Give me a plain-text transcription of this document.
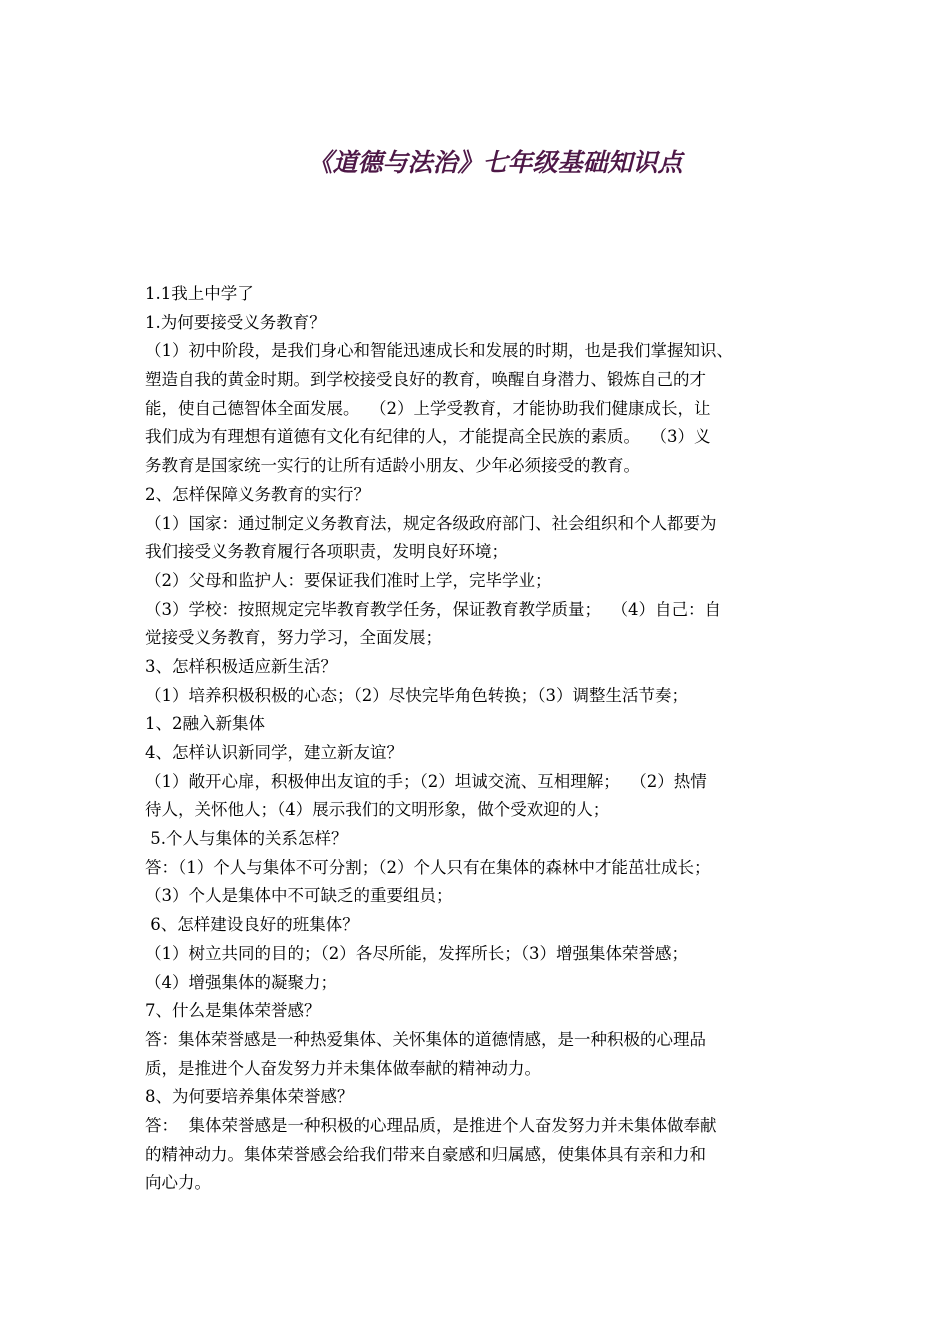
《道德与法治》七年级基础知识点
1.1我上中学了
1.为何要接受义务教育？
（1）初中阶段，是我们身心和智能迅速成长和发展的时期，也是我们掌握知识、
塑造自我的黄金时期。到学校接受良好的教育，唤醒自身潜力、锻炼自己的才
能，使自己德智体全面发展。  （2）上学受教育，才能协助我们健康成长，让
我们成为有理想有道德有文化有纪律的人，才能提高全民族的素质。  （3）义
务教育是国家统一实行的让所有适龄小朋友、少年必须接受的教育。
2、怎样保障义务教育的实行？
（1）国家：通过制定义务教育法，规定各级政府部门、社会组织和个人都要为
我们接受义务教育履行各项职责，发明良好环境；
（2）父母和监护人：要保证我们准时上学，完毕学业；
（3）学校：按照规定完毕教育教学任务，保证教育教学质量；  （4）自己：自
觉接受义务教育，努力学习，全面发展；
3、怎样积极适应新生活？
（1）培养积极积极的心态；（2）尽快完毕角色转换；（3）调整生活节奏；
1、2融入新集体
4、怎样认识新同学，建立新友谊？
（1）敞开心扉，积极伸出友谊的手；（2）坦诚交流、互相理解；  （2）热情
待人，关怀他人；（4）展示我们的文明形象，做个受欢迎的人；
5.个人与集体的关系怎样？
答：（1）个人与集体不可分割；（2）个人只有在集体的森林中才能茁壮成长；
（3）个人是集体中不可缺乏的重要组员；
6、怎样建设良好的班集体？
（1）树立共同的目的；（2）各尽所能，发挥所长；（3）增强集体荣誉感；
（4）增强集体的凝聚力；
7、什么是集体荣誉感？
答：集体荣誉感是一种热爱集体、关怀集体的道德情感，是一种积极的心理品
质，是推进个人奋发努力并未集体做奉献的精神动力。
8、为何要培养集体荣誉感？
答：  集体荣誉感是一种积极的心理品质，是推进个人奋发努力并未集体做奉献
的精神动力。集体荣誉感会给我们带来自豪感和归属感，使集体具有亲和力和
向心力。
